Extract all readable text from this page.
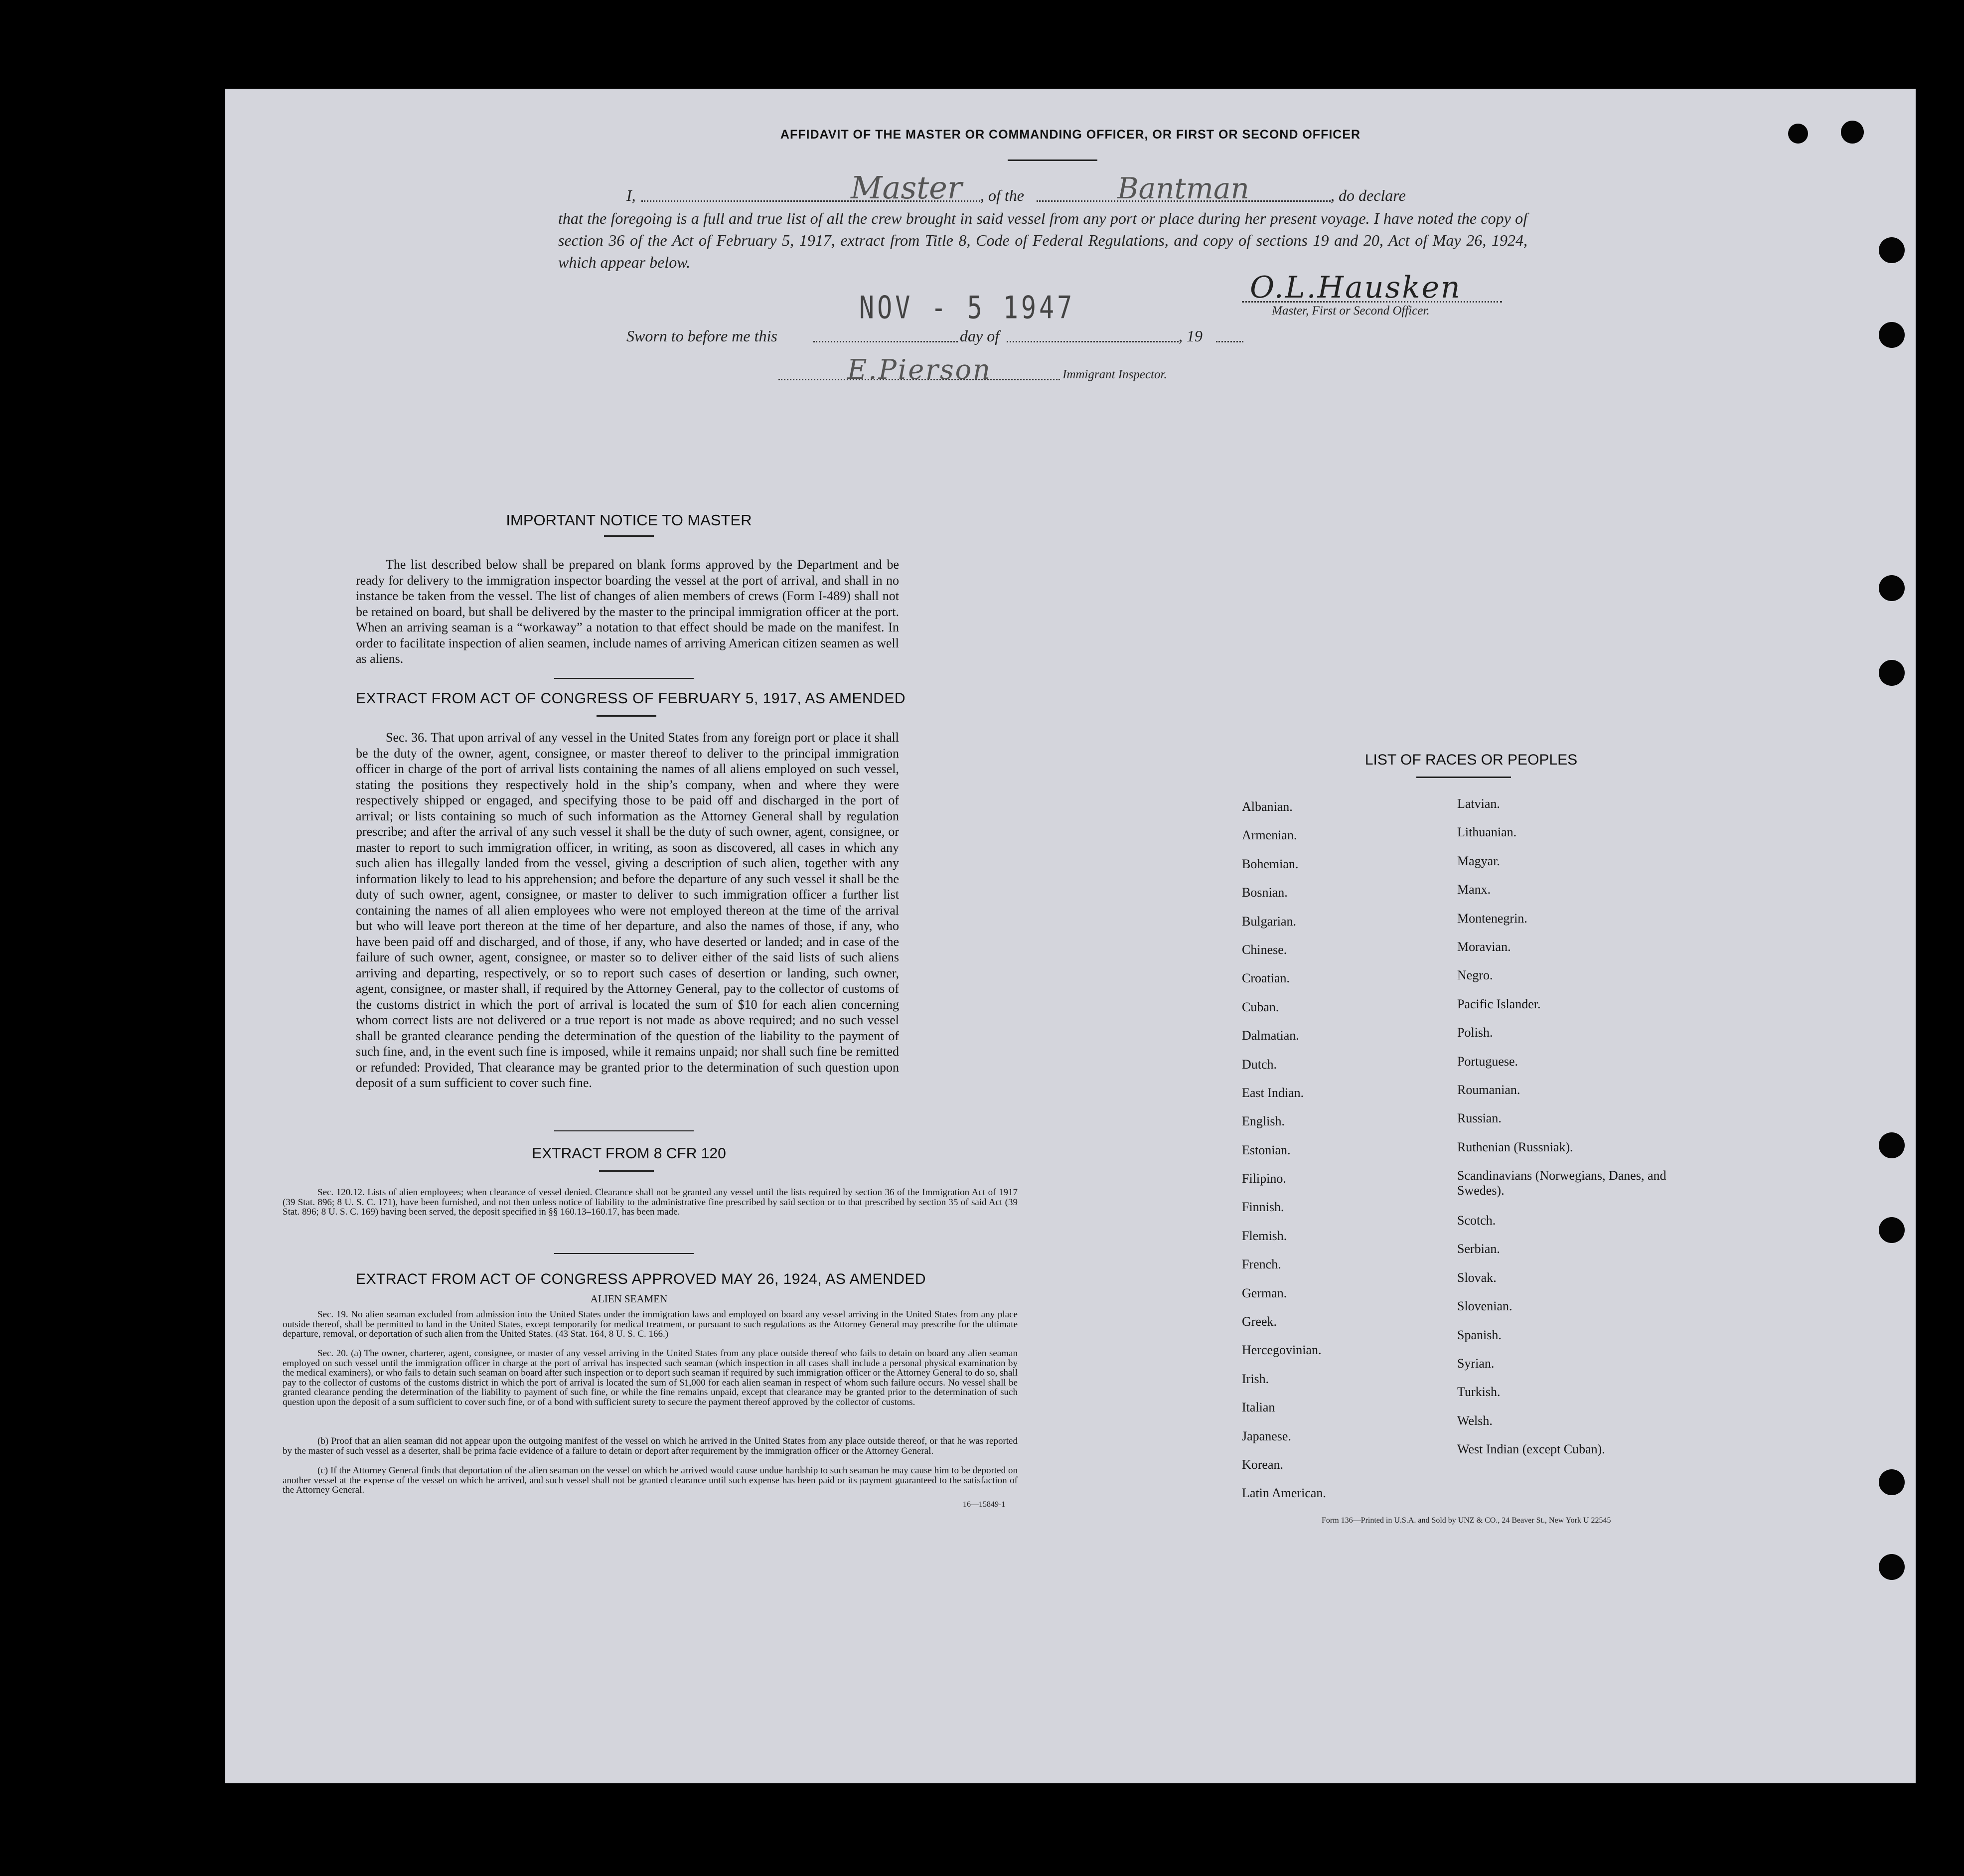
AFFIDAVIT OF THE MASTER OR COMMANDING OFFICER, OR FIRST OR SECOND OFFICER
I,	Master , of the	Bantman	, do declare
that the foregoing is a full and true list of all the crew brought in said vessel from any port or place during her present voyage. I have noted the copy of section 36 of the Act of February 5, 1917, extract from Title 8, Code of Federal Regulations, and copy of sections 19 and 20, Act of May 26, 1924, which appear below.
NOV - 5 1947
O.L.Hausken
Master, First or Second Officer.
Sworn to before me this	day of	, 19
E.Pierson	Immigrant Inspector.
IMPORTANT NOTICE TO MASTER
The list described below shall be prepared on blank forms approved by the Department and be ready for delivery to the immigration inspector boarding the vessel at the port of arrival, and shall in no instance be taken from the vessel. The list of changes of alien members of crews (Form I-489) shall not be retained on board, but shall be delivered by the master to the principal immigration officer at the port. When an arriving seaman is a “workaway” a notation to that effect should be made on the manifest. In order to facilitate inspection of alien seamen, include names of arriving American citizen seamen as well as aliens.
EXTRACT FROM ACT OF CONGRESS OF FEBRUARY 5, 1917, AS AMENDED
Sec. 36. That upon arrival of any vessel in the United States from any foreign port or place it shall be the duty of the owner, agent, consignee, or master thereof to deliver to the principal immigration officer in charge of the port of arrival lists containing the names of all aliens employed on such vessel, stating the positions they respectively hold in the ship’s company, when and where they were respectively shipped or engaged, and specifying those to be paid off and discharged in the port of arrival; or lists containing so much of such information as the Attorney General shall by regulation prescribe; and after the arrival of any such vessel it shall be the duty of such owner, agent, consignee, or master to report to such immigration officer, in writing, as soon as discovered, all cases in which any such alien has illegally landed from the vessel, giving a description of such alien, together with any information likely to lead to his apprehension; and before the departure of any such vessel it shall be the duty of such owner, agent, consignee, or master to deliver to such immigration officer a further list containing the names of all alien employees who were not employed thereon at the time of the arrival but who will leave port thereon at the time of her departure, and also the names of those, if any, who have been paid off and discharged, and of those, if any, who have deserted or landed; and in case of the failure of such owner, agent, consignee, or master so to deliver either of the said lists of such aliens arriving and departing, respectively, or so to report such cases of desertion or landing, such owner, agent, consignee, or master shall, if required by the Attorney General, pay to the collector of customs of the customs district in which the port of arrival is located the sum of $10 for each alien concerning whom correct lists are not delivered or a true report is not made as above required; and no such vessel shall be granted clearance pending the determination of the question of the liability to the payment of such fine, and, in the event such fine is imposed, while it remains unpaid; nor shall such fine be remitted or refunded: Provided, That clearance may be granted prior to the determination of such question upon deposit of a sum sufficient to cover such fine.
EXTRACT FROM 8 CFR 120
Sec. 120.12. Lists of alien employees; when clearance of vessel denied. Clearance shall not be granted any vessel until the lists required by section 36 of the Immigration Act of 1917 (39 Stat. 896; 8 U. S. C. 171), have been furnished, and not then unless notice of liability to the administrative fine prescribed by said section or to that prescribed by section 35 of said Act (39 Stat. 896; 8 U. S. C. 169) having been served, the deposit specified in §§ 160.13–160.17, has been made.
EXTRACT FROM ACT OF CONGRESS APPROVED MAY 26, 1924, AS AMENDED
ALIEN SEAMEN
Sec. 19. No alien seaman excluded from admission into the United States under the immigration laws and employed on board any vessel arriving in the United States from any place outside thereof, shall be permitted to land in the United States, except temporarily for medical treatment, or pursuant to such regulations as the Attorney General may prescribe for the ultimate departure, removal, or deportation of such alien from the United States. (43 Stat. 164, 8 U. S. C. 166.)
Sec. 20. (a) The owner, charterer, agent, consignee, or master of any vessel arriving in the United States from any place outside thereof who fails to detain on board any alien seaman employed on such vessel until the immigration officer in charge at the port of arrival has inspected such seaman (which inspection in all cases shall include a personal physical examination by the medical examiners), or who fails to detain such seaman on board after such inspection or to deport such seaman if required by such immigration officer or the Attorney General to do so, shall pay to the collector of customs of the customs district in which the port of arrival is located the sum of $1,000 for each alien seaman in respect of whom such failure occurs. No vessel shall be granted clearance pending the determination of the liability to payment of such fine, or while the fine remains unpaid, except that clearance may be granted prior to the determination of such question upon the deposit of a sum sufficient to cover such fine, or of a bond with sufficient surety to secure the payment thereof approved by the collector of customs.
(b) Proof that an alien seaman did not appear upon the outgoing manifest of the vessel on which he arrived in the United States from any place outside thereof, or that he was reported by the master of such vessel as a deserter, shall be prima facie evidence of a failure to detain or deport after requirement by the immigration officer or the Attorney General.
(c) If the Attorney General finds that deportation of the alien seaman on the vessel on which he arrived would cause undue hardship to such seaman he may cause him to be deported on another vessel at the expense of the vessel on which he arrived, and such vessel shall not be granted clearance until such expense has been paid or its payment guaranteed to the satisfaction of the Attorney General.
16—15849-1
LIST OF RACES OR PEOPLES
Albanian.
Armenian.
Bohemian.
Bosnian.
Bulgarian.
Chinese.
Croatian.
Cuban.
Dalmatian.
Dutch.
East Indian.
English.
Estonian.
Filipino.
Finnish.
Flemish.
French.
German.
Greek.
Hercegovinian.
Irish.
Italian
Japanese.
Korean.
Latin American.
Latvian.
Lithuanian.
Magyar.
Manx.
Montenegrin.
Moravian.
Negro.
Pacific Islander.
Polish.
Portuguese.
Roumanian.
Russian.
Ruthenian (Russniak).
Scandinavians (Norwegians, Danes, and Swedes).
Scotch.
Serbian.
Slovak.
Slovenian.
Spanish.
Syrian.
Turkish.
Welsh.
West Indian (except Cuban).
Form 136—Printed in U.S.A. and Sold by UNZ & CO., 24 Beaver St., New York U 22545
